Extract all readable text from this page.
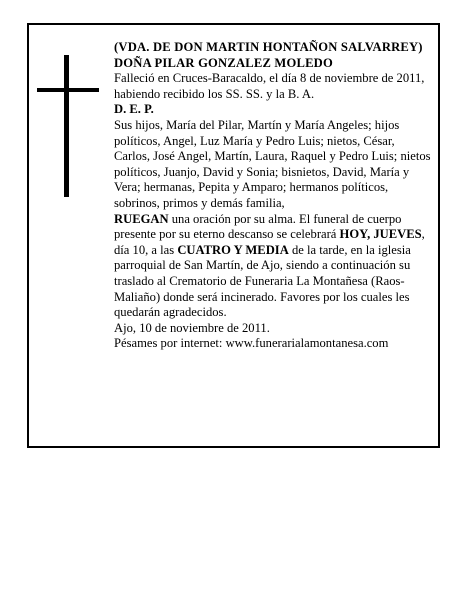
(VDA. DE DON MARTIN HONTAÑON SALVARREY)

DOÑA PILAR GONZALEZ MOLEDO

Falleció en Cruces-Baracaldo, el día 8 de noviembre de 2011, habiendo recibido los SS. SS. y la B. A.

D. E. P.

Sus hijos, María del Pilar, Martín y María Angeles; hijos políticos, Angel, Luz María y Pedro Luis; nietos, César, Carlos, José Angel, Martín, Laura, Raquel y Pedro Luis; nietos políticos, Juanjo, David y Sonia; bisnietos, David, María y Vera; hermanas, Pepita y Amparo; hermanos políticos, sobrinos, primos y demás familia,

RUEGAN una oración por su alma. El funeral de cuerpo presente por su eterno descanso se celebrará HOY, JUEVES, día 10, a las CUATRO Y MEDIA de la tarde, en la iglesia parroquial de San Martín, de Ajo, siendo a continuación su traslado al Crematorio de Funeraria La Montañesa (Raos-Maliaño) donde será incinerado. Favores por los cuales les quedarán agradecidos.

Ajo, 10 de noviembre de 2011.

Pésames por internet: www.funerarialamontanesa.com
